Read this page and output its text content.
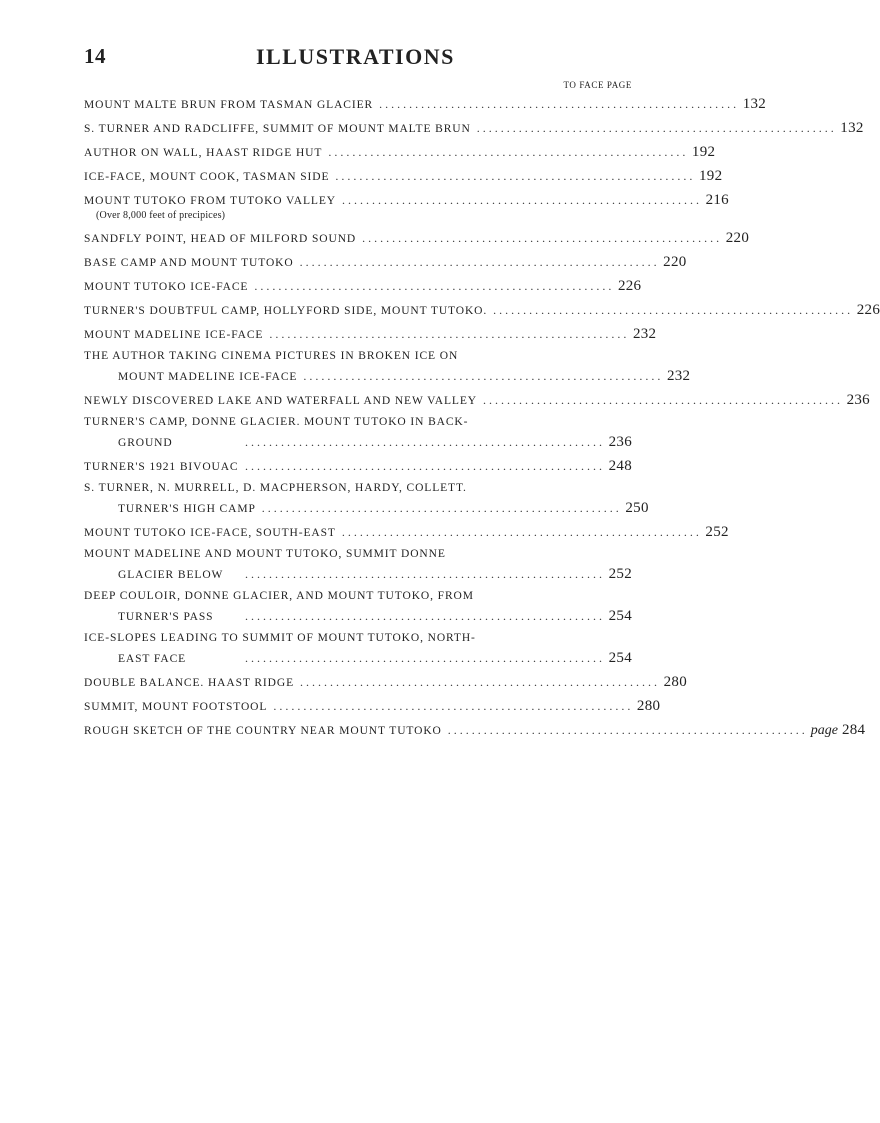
14	ILLUSTRATIONS
TO FACE PAGE
MOUNT MALTE BRUN FROM TASMAN GLACIER . . . . . . . . . . . . . . . . . . . . . . . . . . . . . . . . . . . . . . . . . . . . . . . . . . . . . . . . . . . . 132
S. TURNER AND RADCLIFFE, SUMMIT OF MOUNT MALTE BRUN . . . . . . . . . . . . . . . . . . . . . . . . . . . . . . . . . . . . . . . . . . . . . . . . . . . . . . . . . . . . 132
AUTHOR ON WALL, HAAST RIDGE HUT . . . . . . . . . . . . . . . . . . . . . . . . . . . . . . . . . . . . . . . . . . . . . . . . . . . . . . . . . . . . 192
ICE-FACE, MOUNT COOK, TASMAN SIDE . . . . . . . . . . . . . . . . . . . . . . . . . . . . . . . . . . . . . . . . . . . . . . . . . . . . . . . . . . . . 192
MOUNT TUTOKO FROM TUTOKO VALLEY . . . . . . . . . . . . . . . . . . . . . . . . . . . . . . . . . . . . . . . . . . . . . . . . . . . . . . . . . . . . 216
(Over 8,000 feet of precipices)
SANDFLY POINT, HEAD OF MILFORD SOUND . . . . . . . . . . . . . . . . . . . . . . . . . . . . . . . . . . . . . . . . . . . . . . . . . . . . . . . . . . . . 220
BASE CAMP AND MOUNT TUTOKO . . . . . . . . . . . . . . . . . . . . . . . . . . . . . . . . . . . . . . . . . . . . . . . . . . . . . . . . . . . . 220
MOUNT TUTOKO ICE-FACE . . . . . . . . . . . . . . . . . . . . . . . . . . . . . . . . . . . . . . . . . . . . . . . . . . . . . . . . . . . . 226
TURNER'S DOUBTFUL CAMP, HOLLYFORD SIDE, MOUNT TUTOKO. . . . . . . . . . . . . . . . . . . . . . . . . . . . . . . . . . . . . . . . . . . . . . . . . . . . . . . . . . . . . 226
MOUNT MADELINE ICE-FACE . . . . . . . . . . . . . . . . . . . . . . . . . . . . . . . . . . . . . . . . . . . . . . . . . . . . . . . . . . . . 232
THE AUTHOR TAKING CINEMA PICTURES IN BROKEN ICE ON
MOUNT MADELINE ICE-FACE . . . . . . . . . . . . . . . . . . . . . . . . . . . . . . . . . . . . . . . . . . . . . . . . . . . . . . . . . . . . 232
NEWLY DISCOVERED LAKE AND WATERFALL AND NEW VALLEY . . . . . . . . . . . . . . . . . . . . . . . . . . . . . . . . . . . . . . . . . . . . . . . . . . . . . . . . . . . . 236
TURNER'S CAMP, DONNE GLACIER. MOUNT TUTOKO IN BACK-
GROUND	. . . . . . . . . . . . . . . . . . . . . . . . . . . . . . . . . . . . . . . . . . . . . . . . . . . . . . . . . . . . 236
TURNER'S 1921 BIVOUAC . . . . . . . . . . . . . . . . . . . . . . . . . . . . . . . . . . . . . . . . . . . . . . . . . . . . . . . . . . . . 248
S. TURNER, N. MURRELL, D. MACPHERSON, HARDY, COLLETT.
TURNER'S HIGH CAMP . . . . . . . . . . . . . . . . . . . . . . . . . . . . . . . . . . . . . . . . . . . . . . . . . . . . . . . . . . . . 250
MOUNT TUTOKO ICE-FACE, SOUTH-EAST . . . . . . . . . . . . . . . . . . . . . . . . . . . . . . . . . . . . . . . . . . . . . . . . . . . . . . . . . . . . 252
MOUNT MADELINE AND MOUNT TUTOKO, SUMMIT DONNE
GLACIER BELOW	. . . . . . . . . . . . . . . . . . . . . . . . . . . . . . . . . . . . . . . . . . . . . . . . . . . . . . . . . . . . 252
DEEP COULOIR, DONNE GLACIER, AND MOUNT TUTOKO, FROM
TURNER'S PASS	. . . . . . . . . . . . . . . . . . . . . . . . . . . . . . . . . . . . . . . . . . . . . . . . . . . . . . . . . . . . 254
ICE-SLOPES LEADING TO SUMMIT OF MOUNT TUTOKO, NORTH-
EAST FACE	. . . . . . . . . . . . . . . . . . . . . . . . . . . . . . . . . . . . . . . . . . . . . . . . . . . . . . . . . . . . 254
DOUBLE BALANCE. HAAST RIDGE . . . . . . . . . . . . . . . . . . . . . . . . . . . . . . . . . . . . . . . . . . . . . . . . . . . . . . . . . . . . 280
SUMMIT, MOUNT FOOTSTOOL . . . . . . . . . . . . . . . . . . . . . . . . . . . . . . . . . . . . . . . . . . . . . . . . . . . . . . . . . . . . 280
ROUGH SKETCH OF THE COUNTRY NEAR MOUNT TUTOKO . . . . . . . . . . . . . . . . . . . . . . . . . . . . . . . . . . . . . . . . . . . . . . . . . . . . . . . . . . . . page 284
